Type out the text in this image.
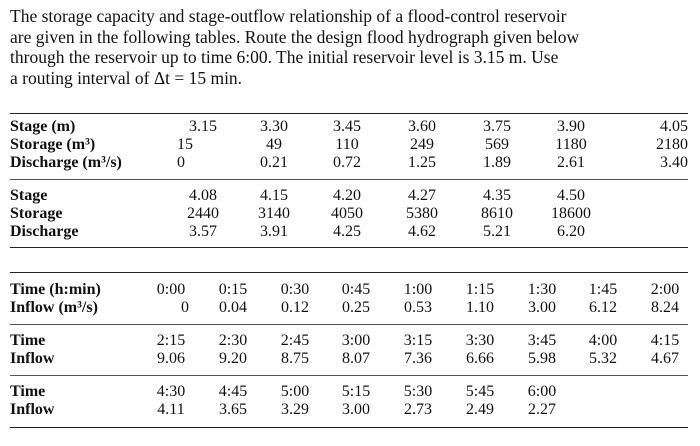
The storage capacity and stage-outflow relationship of a flood-control reservoir
are given in the following tables. Route the design flood hydrograph given below
through the reservoir up to time 6:00. The initial reservoir level is 3.15 m. Use
a routing interval of Δt = 15 min.
Stage (m)	3.15	3.30	3.45	3.60	3.75	3.90	4.05
Storage (m³)	15	49	110	249	569	1180	2180
Discharge (m³/s)	0	0.21	0.72	1.25	1.89	2.61	3.40
Stage	4.08	4.15	4.20	4.27	4.35	4.50
Storage	2440	3140	4050	5380	8610	18600
Discharge	3.57	3.91	4.25	4.62	5.21	6.20
Time (h:min)	0:00	0:15	0:30	0:45	1:00	1:15	1:30	1:45	2:00
Inflow (m³/s)	0	0.04	0.12	0.25	0.53	1.10	3.00	6.12	8.24
Time	2:15	2:30	2:45	3:00	3:15	3:30	3:45	4:00	4:15
Inflow	9.06	9.20	8.75	8.07	7.36	6.66	5.98	5.32	4.67
Time	4:30	4:45	5:00	5:15	5:30	5:45	6:00
Inflow	4.11	3.65	3.29	3.00	2.73	2.49	2.27
